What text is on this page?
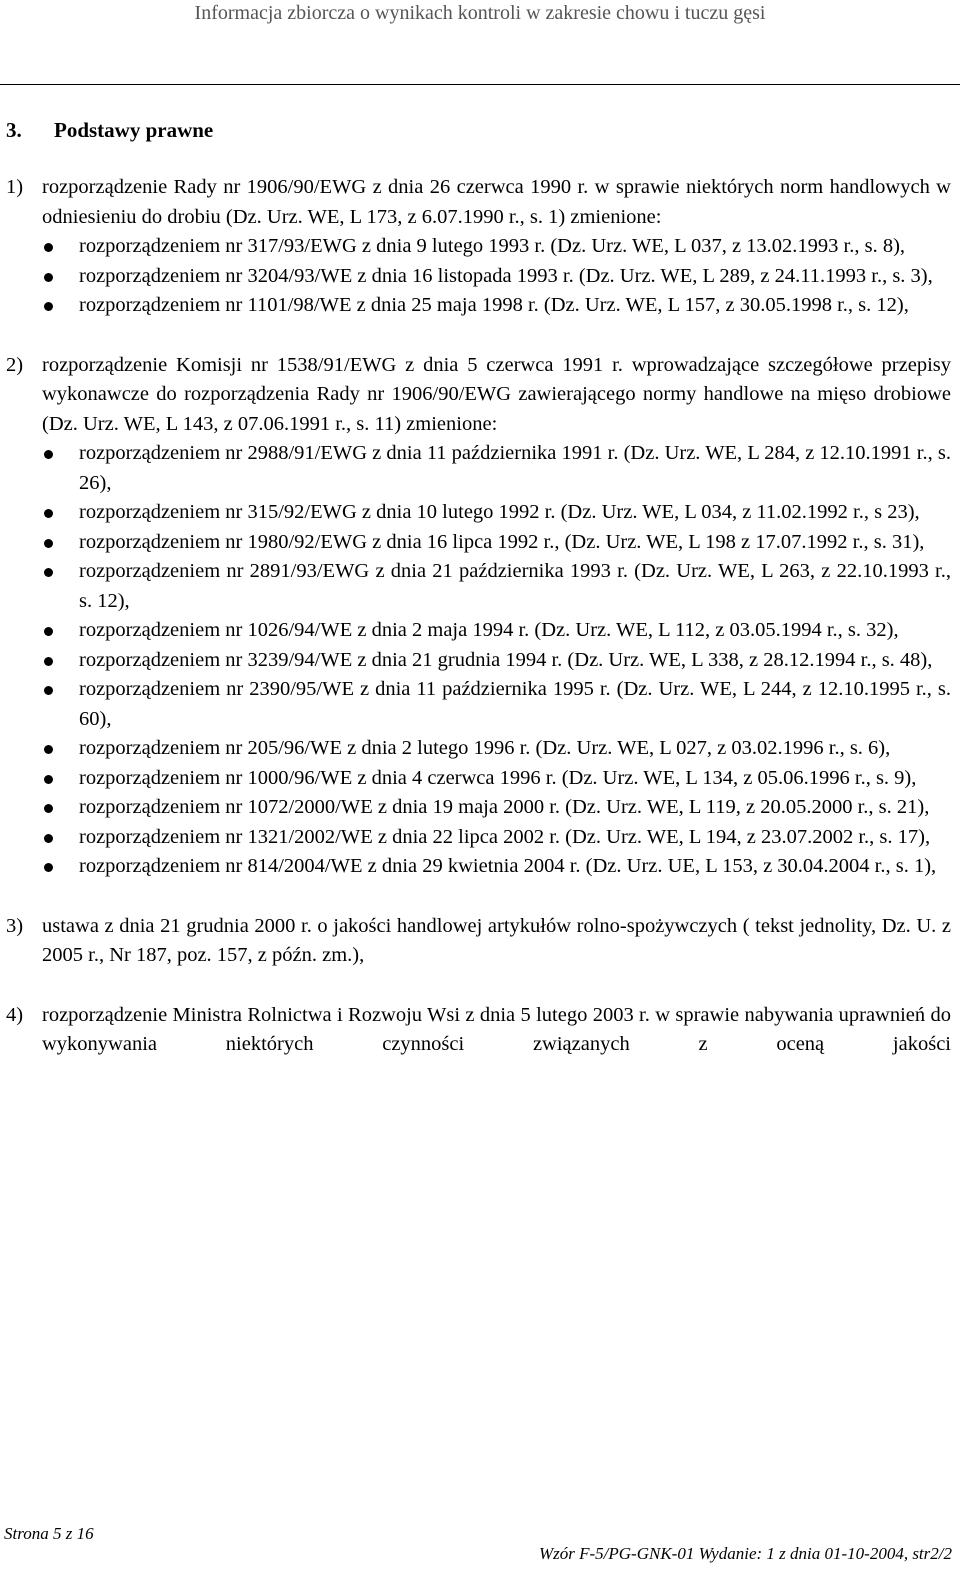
Informacja zbiorcza o wynikach kontroli w zakresie chowu i tuczu gęsi
3. Podstawy prawne
1) rozporządzenie Rady nr 1906/90/EWG z dnia 26 czerwca 1990 r. w sprawie niektórych norm handlowych w odniesieniu do drobiu (Dz. Urz. WE, L 173, z 6.07.1990 r., s. 1) zmienione:

rozporządzeniem nr 317/93/EWG z dnia 9 lutego 1993 r. (Dz. Urz. WE, L 037, z 13.02.1993 r., s. 8),
rozporządzeniem nr 3204/93/WE z dnia 16 listopada 1993 r. (Dz. Urz. WE, L 289, z 24.11.1993 r., s. 3),
rozporządzeniem nr 1101/98/WE z dnia 25 maja 1998 r. (Dz. Urz. WE, L 157, z 30.05.1998 r., s. 12),
2) rozporządzenie Komisji nr 1538/91/EWG z dnia 5 czerwca 1991 r. wprowadzające szczegółowe przepisy wykonawcze do rozporządzenia Rady nr 1906/90/EWG zawierającego normy handlowe na mięso drobiowe (Dz. Urz. WE, L 143, z 07.06.1991 r., s. 11) zmienione:

rozporządzeniem nr 2988/91/EWG z dnia 11 października 1991 r. (Dz. Urz. WE, L 284, z 12.10.1991 r., s. 26),
rozporządzeniem nr 315/92/EWG z dnia 10 lutego 1992 r. (Dz. Urz. WE, L 034, z 11.02.1992 r., s 23),
rozporządzeniem nr 1980/92/EWG z dnia 16 lipca 1992 r., (Dz. Urz. WE, L 198 z 17.07.1992 r., s. 31),
rozporządzeniem nr 2891/93/EWG z dnia 21 października 1993 r. (Dz. Urz. WE, L 263, z 22.10.1993 r., s. 12),
rozporządzeniem nr 1026/94/WE z dnia 2 maja 1994 r. (Dz. Urz. WE, L 112, z 03.05.1994 r., s. 32),
rozporządzeniem nr 3239/94/WE z dnia 21 grudnia 1994 r. (Dz. Urz. WE, L 338, z 28.12.1994 r., s. 48),
rozporządzeniem nr 2390/95/WE z dnia 11 października 1995 r. (Dz. Urz. WE, L 244, z 12.10.1995 r., s. 60),
rozporządzeniem nr 205/96/WE z dnia 2 lutego 1996 r. (Dz. Urz. WE, L 027, z 03.02.1996 r., s. 6),
rozporządzeniem nr 1000/96/WE z dnia 4 czerwca 1996 r. (Dz. Urz. WE, L 134, z 05.06.1996 r., s. 9),
rozporządzeniem nr 1072/2000/WE z dnia 19 maja 2000 r. (Dz. Urz. WE, L 119, z 20.05.2000 r., s. 21),
rozporządzeniem nr 1321/2002/WE z dnia 22 lipca 2002 r. (Dz. Urz. WE, L 194, z 23.07.2002 r., s. 17),
rozporządzeniem nr 814/2004/WE z dnia 29 kwietnia 2004 r. (Dz. Urz. UE, L 153, z 30.04.2004 r., s. 1),
3) ustawa z dnia 21 grudnia 2000 r. o jakości handlowej artykułów rolno-spożywczych ( tekst jednolity, Dz. U. z 2005 r., Nr 187, poz. 157, z późn. zm.),

4) rozporządzenie Ministra Rolnictwa i Rozwoju Wsi z dnia 5 lutego 2003 r. w sprawie nabywania uprawnień do wykonywania niektórych czynności związanych z oceną jakości

Strona 5 z 16
Wzór F-5/PG-GNK-01 Wydanie: 1 z dnia 01-10-2004, str2/2
